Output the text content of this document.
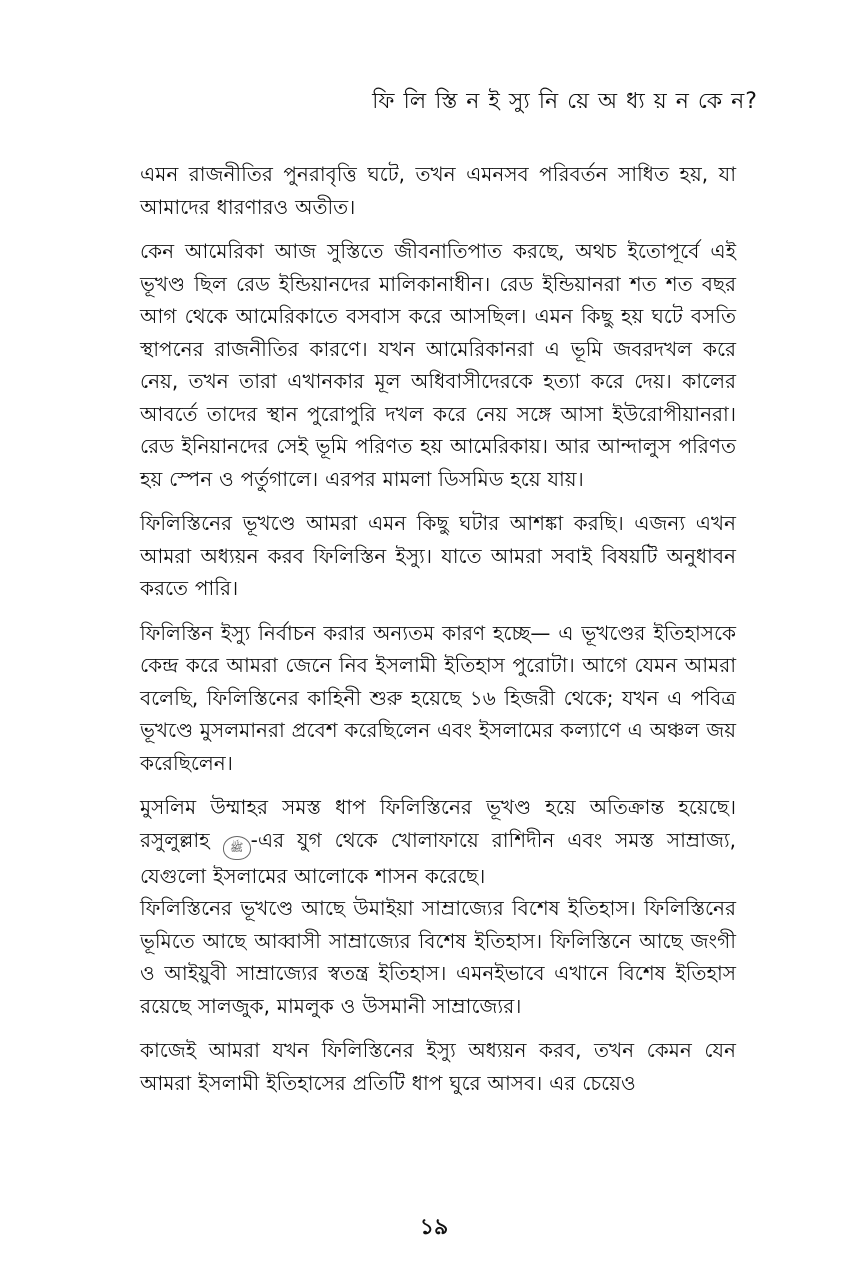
ফি লি স্তি ন ই স্যু নি য়ে অ ধ্য য় ন কে ন?

এমন রাজনীতির পুনরাবৃত্তি ঘটে, তখন এমনসব পরিবর্তন সাধিত হয়, যা আমাদের ধারণারও অতীত।

কেন আমেরিকা আজ সুস্তিতে জীবনাতিপাত করছে, অথচ ইতোপূর্বে এই ভূখণ্ড ছিল রেড ইন্ডিয়ানদের মালিকানাধীন। রেড ইন্ডিয়ানরা শত শত বছর আগ থেকে আমেরিকাতে বসবাস করে আসছিল। এমন কিছু হয় ঘটে বসতি স্থাপনের রাজনীতির কারণে। যখন আমেরিকানরা এ ভূমি জবরদখল করে নেয়, তখন তারা এখানকার মূল অধিবাসীদেরকে হত্যা করে দেয়। কালের আবর্তে তাদের স্থান পুরোপুরি দখল করে নেয় সঙ্গে আসা ইউরোপীয়ানরা। রেড ইনিয়ানদের সেই ভূমি পরিণত হয় আমেরিকায়। আর আন্দালুস পরিণত হয় স্পেন ও পর্তুগালে। এরপর মামলা ডিসমিড হয়ে যায়।

ফিলিস্তিনের ভূখণ্ডে আমরা এমন কিছু ঘটার আশঙ্কা করছি। এজন্য এখন আমরা অধ্যয়ন করব ফিলিস্তিন ইস্যু। যাতে আমরা সবাই বিষয়টি অনুধাবন করতে পারি।

ফিলিস্তিন ইস্যু নির্বাচন করার অন্যতম কারণ হচ্ছে— এ ভূখণ্ডের ইতিহাসকে কেন্দ্র করে আমরা জেনে নিব ইসলামী ইতিহাস পুরোটা। আগে যেমন আমরা বলেছি, ফিলিস্তিনের কাহিনী শুরু হয়েছে ১৬ হিজরী থেকে; যখন এ পবিত্র ভূখণ্ডে মুসলমানরা প্রবেশ করেছিলেন এবং ইসলামের কল্যাণে এ অঞ্চল জয় করেছিলেন।

মুসলিম উম্মাহর সমস্ত ধাপ ফিলিস্তিনের ভূখণ্ড হয়ে অতিক্রান্ত হয়েছে। রসুলুল্লাহ ﷺ -এর যুগ থেকে খোলাফায়ে রাশিদীন এবং সমস্ত সাম্রাজ্য, যেগুলো ইসলামের আলোকে শাসন করেছে।

ফিলিস্তিনের ভূখণ্ডে আছে উমাইয়া সাম্রাজ্যের বিশেষ ইতিহাস। ফিলিস্তিনের ভূমিতে আছে আব্বাসী সাম্রাজ্যের বিশেষ ইতিহাস। ফিলিস্তিনে আছে জংগী ও আইয়ুবী সাম্রাজ্যের স্বতন্ত্র ইতিহাস। এমনইভাবে এখানে বিশেষ ইতিহাস রয়েছে সালজুক, মামলুক ও উসমানী সাম্রাজ্যের।

কাজেই আমরা যখন ফিলিস্তিনের ইস্যু অধ্যয়ন করব, তখন কেমন যেন আমরা ইসলামী ইতিহাসের প্রতিটি ধাপ ঘুরে আসব। এর চেয়েও

১৯
